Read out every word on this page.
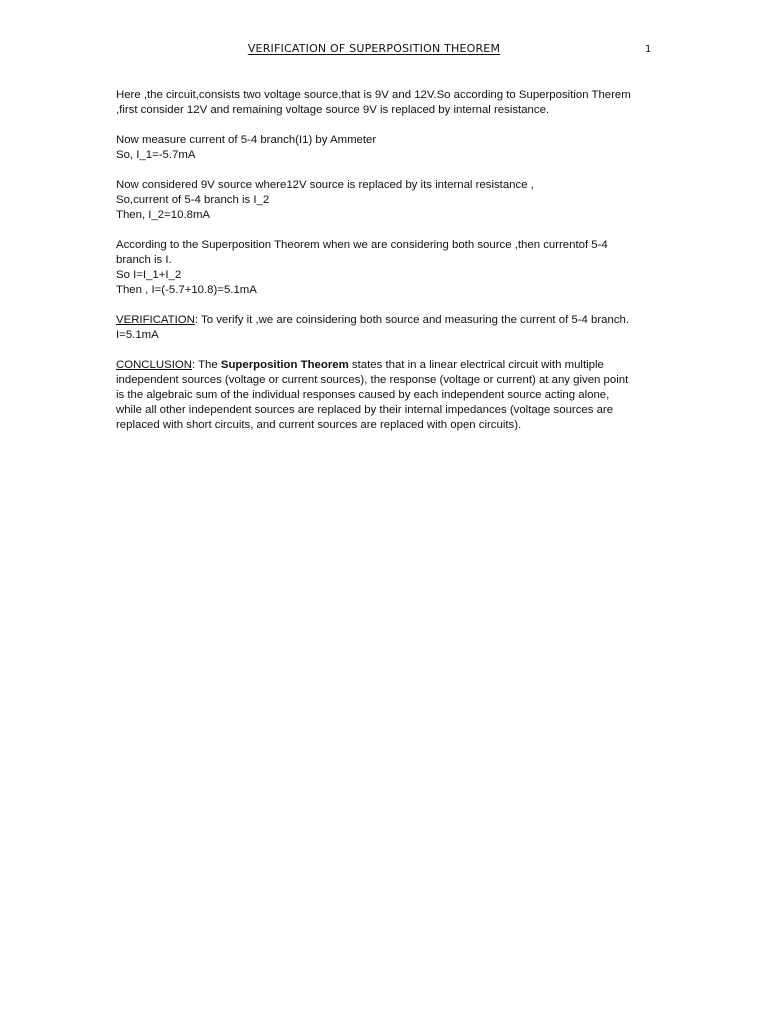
VERIFICATION OF SUPERPOSITION THEOREM	1

Here ,the circuit,consists two voltage source,that is 9V and 12V.So according to Superposition Therem
,first consider 12V and remaining voltage source 9V is replaced by internal resistance.

Now measure current of 5-4 branch(I1) by Ammeter
So, I_1=-5.7mA

Now considered 9V source where12V source is replaced by its internal resistance ,
So,current of 5-4 branch is I_2
Then, I_2=10.8mA

According to the Superposition Theorem when we are considering both source ,then currentof 5-4
branch is I.
So I=I_1+I_2
Then , I=(-5.7+10.8)=5.1mA

VERIFICATION: To verify it ,we are coinsidering both source and measuring the current of 5-4 branch.
I=5.1mA

CONCLUSION: The Superposition Theorem states that in a linear electrical circuit with multiple
independent sources (voltage or current sources), the response (voltage or current) at any given point
is the algebraic sum of the individual responses caused by each independent source acting alone,
while all other independent sources are replaced by their internal impedances (voltage sources are
replaced with short circuits, and current sources are replaced with open circuits).
